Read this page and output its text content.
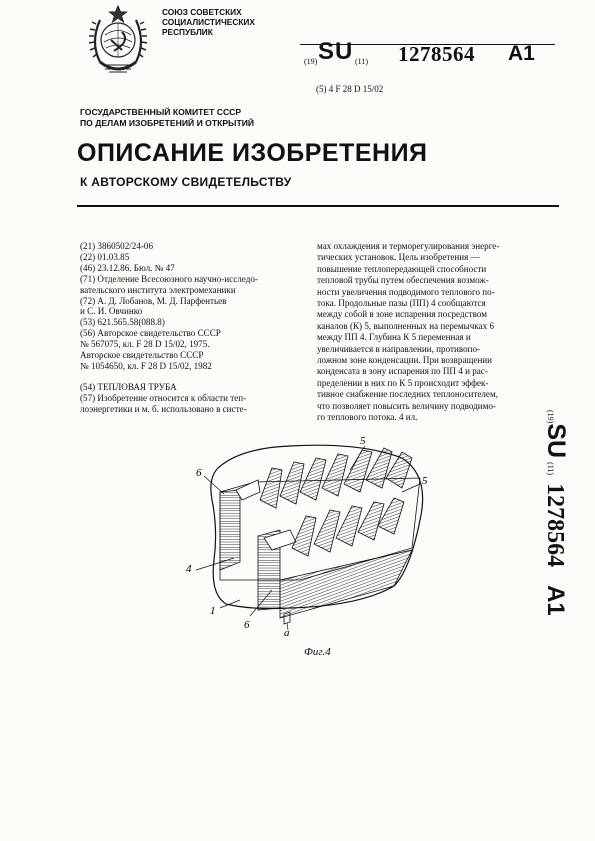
СОЮЗ СОВЕТСКИХ
СОЦИАЛИСТИЧЕСКИХ
РЕСПУБЛИК
(19) SU (11) 1278564 A1
(5) 4 F 28 D 15/02
ГОСУДАРСТВЕННЫЙ КОМИТЕТ СССР
ПО ДЕЛАМ ИЗОБРЕТЕНИЙ И ОТКРЫТИЙ
ОПИСАНИЕ ИЗОБРЕТЕНИЯ
К АВТОРСКОМУ СВИДЕТЕЛЬСТВУ
(21) 3860502/24-06
(22) 01.03.85
(46) 23.12.86. Бюл. № 47
(71) Отделение Всесоюзного научно-исследо-
вательского института электромеханики
(72) А. Д. Лобанов, М. Д. Парфентьев
и С. И. Овчинко
(53) 621.565.58(088.8)
(56) Авторское свидетельство СССР
№ 567075, кл. F 28 D 15/02, 1975.
Авторское свидетельство СССР
№ 1054650, кл. F 28 D 15/02, 1982
(54) ТЕПЛОВАЯ ТРУБА
(57) Изобретение относится к области теп-
лоэнергетики и м. б. использовано в систе-
мах охлаждения и терморегулирования энерге-
тических установок. Цель изобретения —
повышение теплопередающей способности
тепловой трубы путем обеспечения возмож-
ности увеличения подводимого теплового по-
тока. Продольные пазы (ПП) 4 сообщаются
между собой в зоне испарения посредством
каналов (К) 5, выполненных на перемычках 6
между ПП 4. Глубина К 5 переменная и
увеличивается в направлении, противопо-
ложном зоне конденсации. При возвращении
конденсата в зону испарения по ПП 4 и рас-
пределении в них по К 5 происходит эффек-
тивное снабжение последних теплоносителем,
что позволяет повысить величину подводимо-
го теплового потока. 4 ил.	(19)SU(11)1278564A1
6
5
5
4
1
6
a
Фиг.4
